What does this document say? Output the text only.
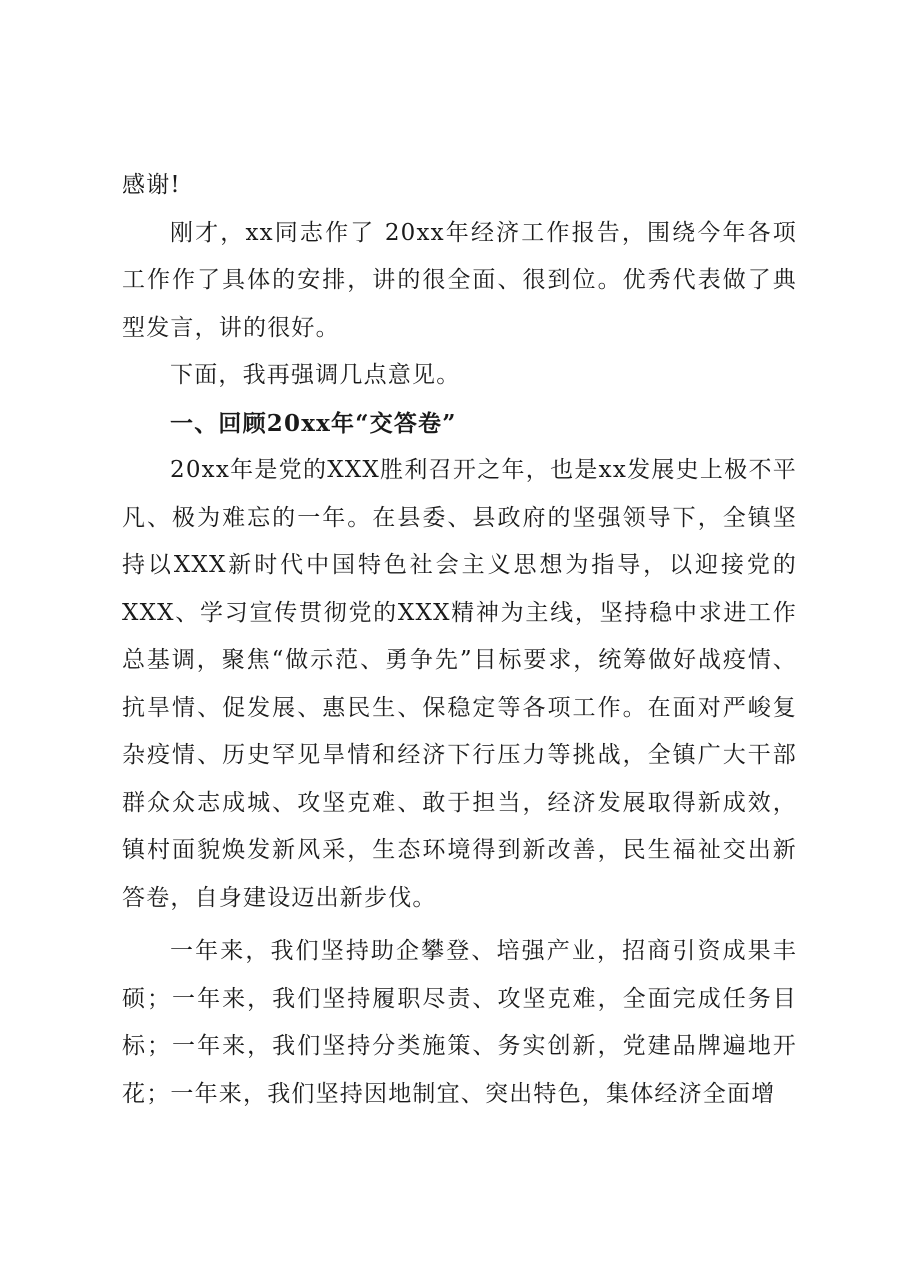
感谢!

刚才，xx同志作了 20xx年经济工作报告，围绕今年各项工作作了具体的安排，讲的很全面、很到位。优秀代表做了典型发言，讲的很好。

下面，我再强调几点意见。

一、回顾20xx年“交答卷”

20xx年是党的XXX胜利召开之年，也是xx发展史上极不平凡、极为难忘的一年。在县委、县政府的坚强领导下，全镇坚持以XXX新时代中国特色社会主义思想为指导，以迎接党的XXX、学习宣传贯彻党的XXX精神为主线，坚持稳中求进工作总基调，聚焦“做示范、勇争先”目标要求，统筹做好战疫情、抗旱情、促发展、惠民生、保稳定等各项工作。在面对严峻复杂疫情、历史罕见旱情和经济下行压力等挑战，全镇广大干部群众众志成城、攻坚克难、敢于担当，经济发展取得新成效，镇村面貌焕发新风采，生态环境得到新改善，民生福祉交出新答卷，自身建设迈出新步伐。

一年来，我们坚持助企攀登、培强产业，招商引资成果丰硕；一年来，我们坚持履职尽责、攻坚克难，全面完成任务目标；一年来，我们坚持分类施策、务实创新，党建品牌遍地开花；一年来，我们坚持因地制宜、突出特色，集体经济全面增
